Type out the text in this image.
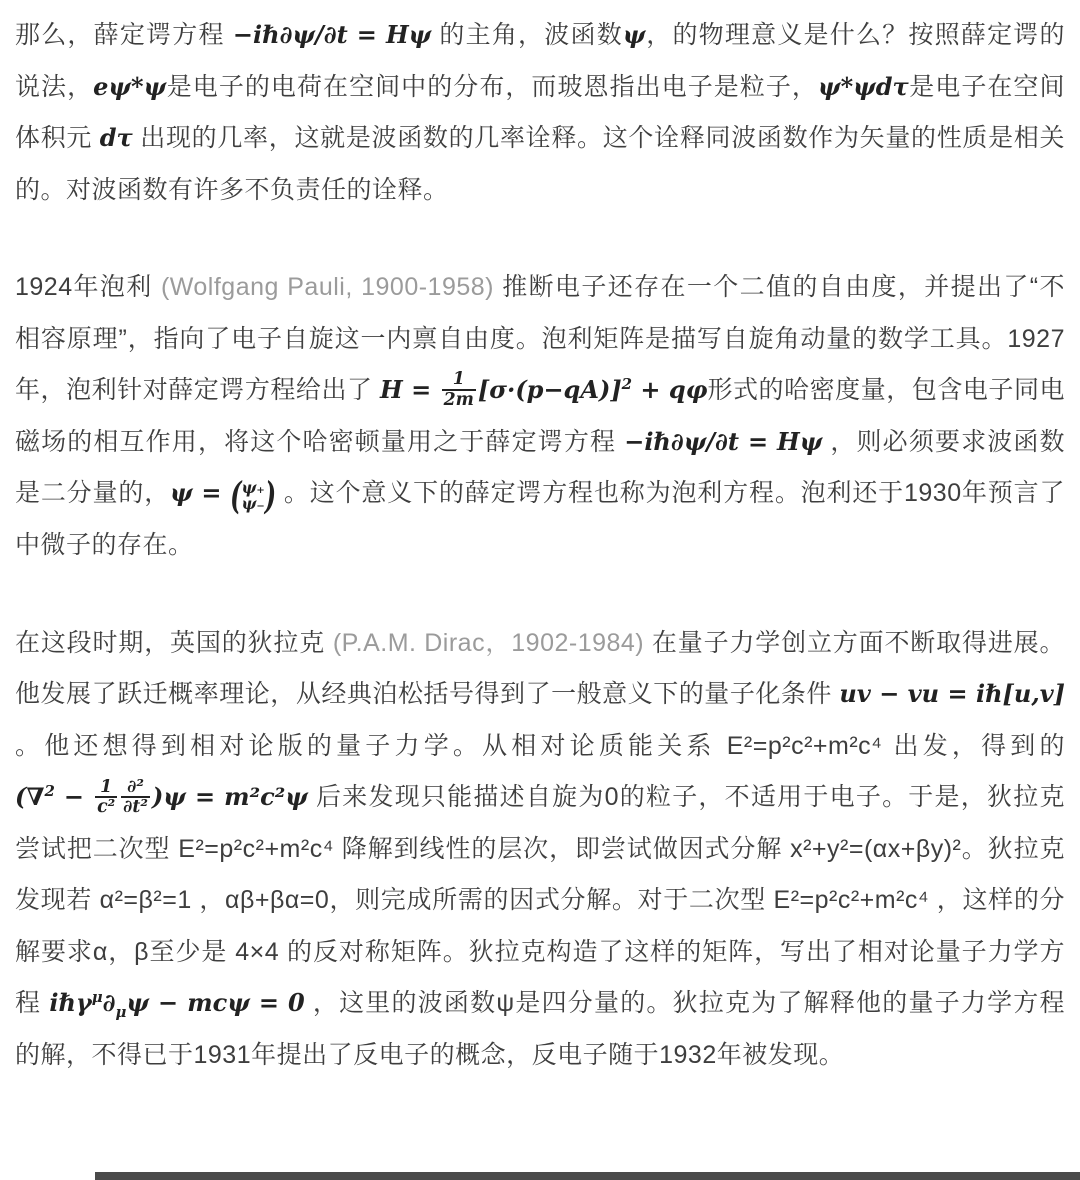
那么，薛定谔方程 −iℏ∂ψ/∂t = Hψ 的主角，波函数ψ，的物理意义是什么？按照薛定谔的说法，eψ*ψ是电子的电荷在空间中的分布，而玻恩指出电子是粒子，ψ*ψdτ是电子在空间体积元 dτ 出现的几率，这就是波函数的几率诠释。这个诠释同波函数作为矢量的性质是相关的。对波函数有许多不负责任的诠释。

1924年泡利 (Wolfgang Pauli, 1900-1958) 推断电子还存在一个二值的自由度，并提出了“不相容原理”，指向了电子自旋这一内禀自由度。泡利矩阵是描写自旋角动量的数学工具。1927年，泡利针对薛定谔方程给出了 $H = \frac{1}{2m} [\sigma\cdot(p-qA)]^2 + q\varphi$形式的哈密度量，包含电子同电磁场的相互作用，将这个哈密顿量用之于薛定谔方程 −iℏ∂ψ/∂t = Hψ ，则必须要求波函数是二分量的，ψ = ( ψ₊
ψ₋ ) 。这个意义下的薛定谔方程也称为泡利方程。泡利还于1930年预言了中微子的存在。

在这段时期，英国的狄拉克 (P.A.M. Dirac，1902-1984) 在量子力学创立方面不断取得进展。他发展了跃迁概率理论，从经典泊松括号得到了一般意义下的量子化条件 uv − vu = iℏ[u,v] 。他还想得到相对论版的量子力学。从相对论质能关系 E²=p²c²+m²c⁴ 出发，得到的 $(\nabla^2 - \frac{1}{\text{c²}} \frac{\text{∂²}}{\text{∂t²}} )\psi = m^2c^2\psi$ 后来发现只能描述自旋为0的粒子，不适用于电子。于是，狄拉克尝试把二次型 E²=p²c²+m²c⁴ 降解到线性的层次，即尝试做因式分解 x²+y²=(αx+βy)²。狄拉克发现若 α²=β²=1 ，αβ+βα=0，则完成所需的因式分解。对于二次型 E²=p²c²+m²c⁴ ，这样的分解要求α，β至少是 4×4 的反对称矩阵。狄拉克构造了这样的矩阵，写出了相对论量子力学方程 $i\hbar\gamma^\mu\partial_\mu\psi - mc\psi = 0$ ，这里的波函数ψ是四分量的。狄拉克为了解释他的量子力学方程的解，不得已于1931年提出了反电子的概念，反电子随于1932年被发现。
